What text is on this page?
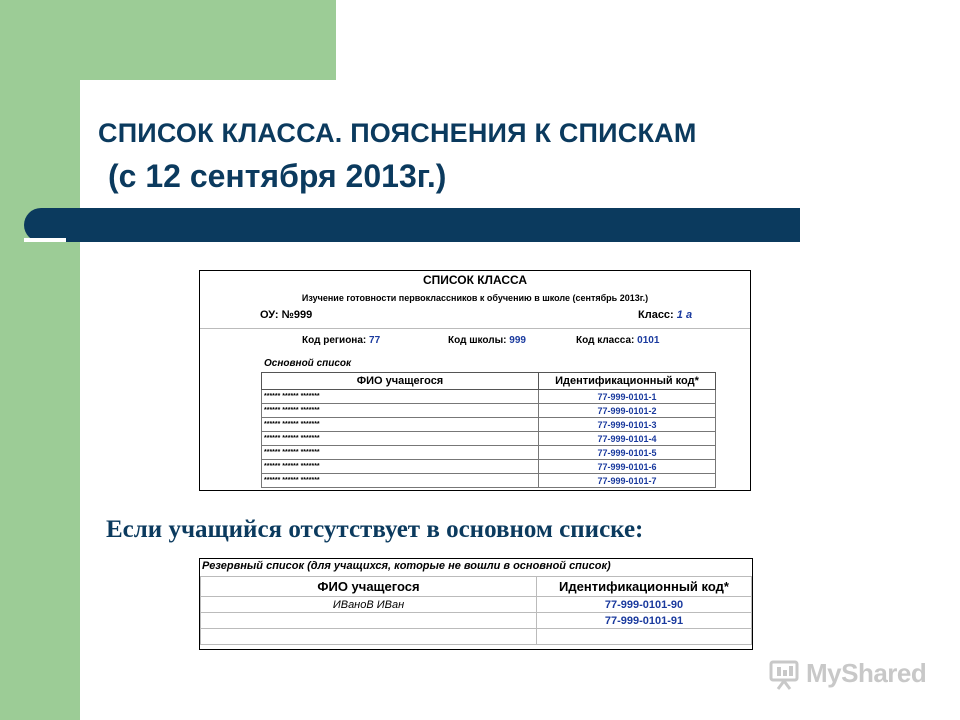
СПИСОК КЛАССА. ПОЯСНЕНИЯ К СПИСКАМ
(с 12 сентября 2013г.)
СПИСОК КЛАССА
Изучение готовности первоклассников к обучению в школе (сентябрь 2013г.)
ОУ: №999	Класс: 1 а
Код региона: 77	Код школы: 999	Код класса: 0101
Основной список
ФИО учащегося	Идентификационный код*
****** ****** *******	77-999-0101-1
****** ****** *******	77-999-0101-2
****** ****** *******	77-999-0101-3
****** ****** *******	77-999-0101-4
****** ****** *******	77-999-0101-5
****** ****** *******	77-999-0101-6
****** ****** *******	77-999-0101-7
Если учащийся отсутствует в основном списке:
Резервный список (для учащихся, которые не вошли в основной список)
ФИО учащегося	Идентификационный код*
ИВаноВ ИВан	77-999-0101-90
	77-999-0101-91

MyShared
